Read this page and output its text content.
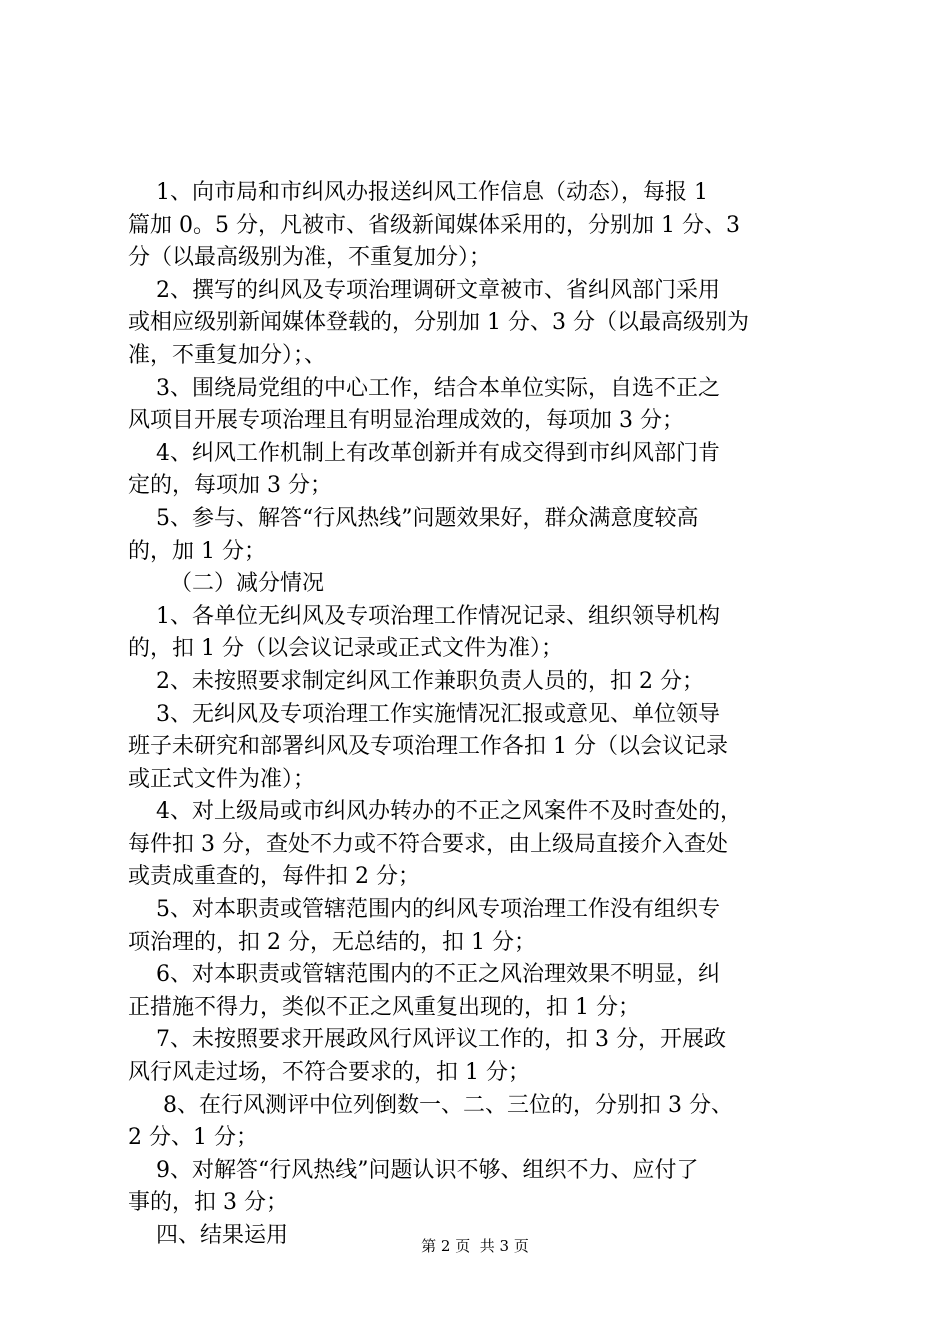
1、向市局和市纠风办报送纠风工作信息（动态），每报 1
篇加 0。5 分，凡被市、省级新闻媒体采用的，分别加 1 分、3
分（以最高级别为准，不重复加分）；
2、撰写的纠风及专项治理调研文章被市、省纠风部门采用
或相应级别新闻媒体登载的，分别加 1 分、3 分（以最高级别为
准，不重复加分）；、
3、围绕局党组的中心工作，结合本单位实际，自选不正之
风项目开展专项治理且有明显治理成效的，每项加 3 分；
4、纠风工作机制上有改革创新并有成交得到市纠风部门肯
定的，每项加 3 分；
5、参与、解答“行风热线”问题效果好，群众满意度较高
的，加 1 分；
（二）减分情况
1、各单位无纠风及专项治理工作情况记录、组织领导机构
的，扣 1 分（以会议记录或正式文件为准）；
2、未按照要求制定纠风工作兼职负责人员的，扣 2 分；
3、无纠风及专项治理工作实施情况汇报或意见、单位领导
班子未研究和部署纠风及专项治理工作各扣 1 分（以会议记录
或正式文件为准）；
4、对上级局或市纠风办转办的不正之风案件不及时查处的，
每件扣 3 分，查处不力或不符合要求，由上级局直接介入查处
或责成重查的，每件扣 2 分；
5、对本职责或管辖范围内的纠风专项治理工作没有组织专
项治理的，扣 2 分，无总结的，扣 1 分；
6、对本职责或管辖范围内的不正之风治理效果不明显，纠
正措施不得力，类似不正之风重复出现的，扣 1 分；
7、未按照要求开展政风行风评议工作的，扣 3 分，开展政
风行风走过场，不符合要求的，扣 1 分；
8、在行风测评中位列倒数一、二、三位的，分别扣 3 分、
2 分、1 分；
9、对解答“行风热线”问题认识不够、组织不力、应付了
事的，扣 3 分；
四、结果运用	第 2 页  共 3 页
